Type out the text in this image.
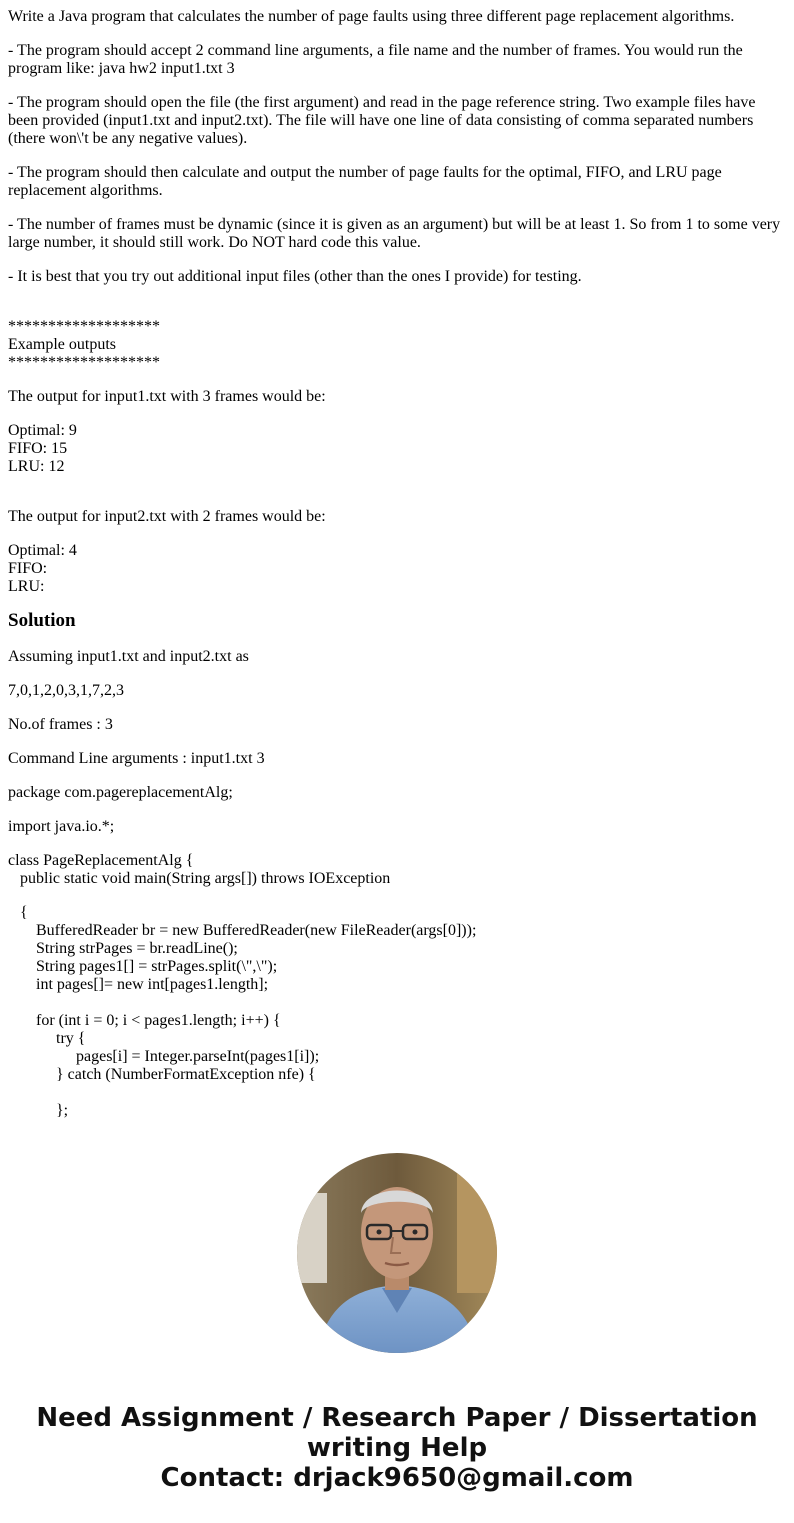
Write a Java program that calculates the number of page faults using three different page replacement algorithms.

- The program should accept 2 command line arguments, a file name and the number of frames. You would run the program like: java hw2 input1.txt 3

- The program should open the file (the first argument) and read in the page reference string. Two example files have been provided (input1.txt and input2.txt). The file will have one line of data consisting of comma separated numbers (there won\'t be any negative values).

- The program should then calculate and output the number of page faults for the optimal, FIFO, and LRU page replacement algorithms.

- The number of frames must be dynamic (since it is given as an argument) but will be at least 1. So from 1 to some very large number, it should still work. Do NOT hard code this value.

- It is best that you try out additional input files (other than the ones I provide) for testing.

*******************
Example outputs
*******************

The output for input1.txt with 3 frames would be:

Optimal: 9
FIFO: 15
LRU: 12

The output for input2.txt with 2 frames would be:

Optimal: 4
FIFO:
LRU:
Solution

Assuming input1.txt and input2.txt as

7,0,1,2,0,3,1,7,2,3

No.of frames : 3

Command Line arguments : input1.txt 3

package com.pagereplacementAlg;

import java.io.*;

class PageReplacementAlg {
public static void main(String args[]) throws IOException
{
BufferedReader br = new BufferedReader(new FileReader(args[0]));
String strPages = br.readLine();
String pages1[] = strPages.split(\",\");
int pages[]= new int[pages1.length];
for (int i = 0; i < pages1.length; i++) {
try {
pages[i] = Integer.parseInt(pages1[i]);
} catch (NumberFormatException nfe) {
};
Need Assignment / Research Paper / Dissertation
writing Help
Contact: drjack9650@gmail.com
